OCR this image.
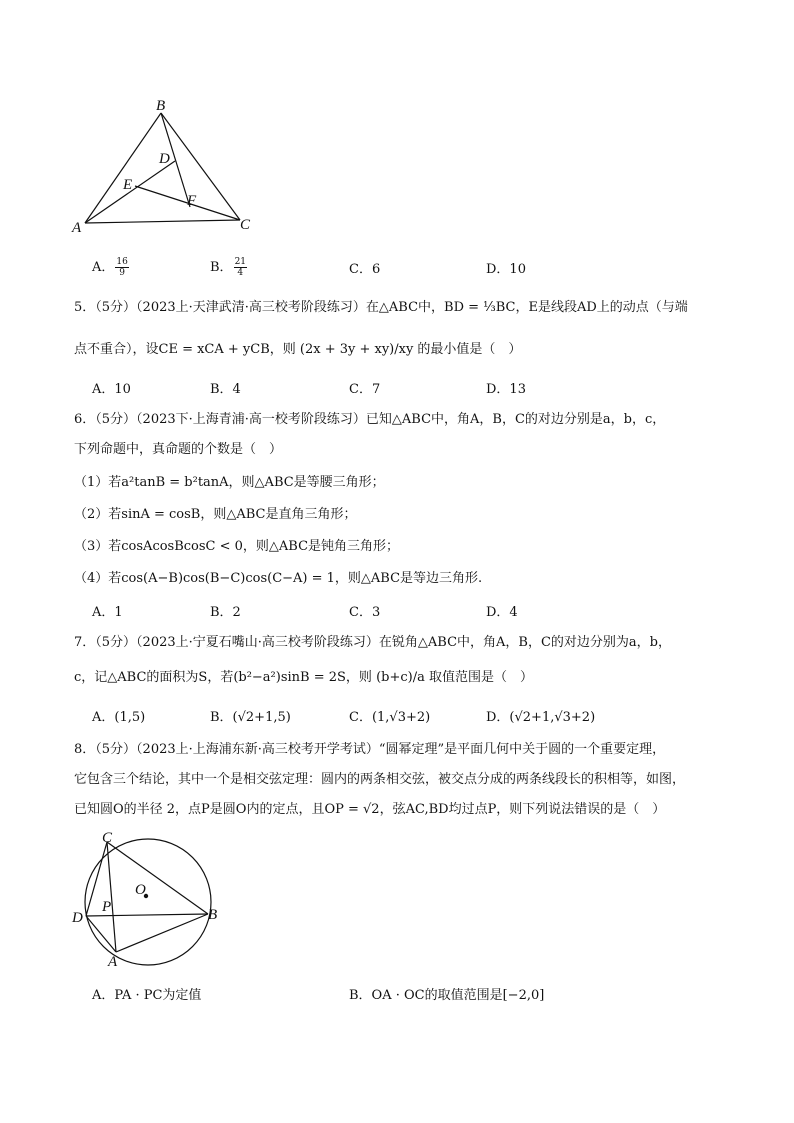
B
D
E
F
A	C
A． $\frac{16}{9}$	B． $\frac{21}{4}$	C．6	D．10
5．（5分）（2023上·天津武清·高三校考阶段练习）在△ABC中，BD = ⅓BC，E是线段AD上的动点（与端
点不重合），设CE = xCA + yCB，则 (2x + 3y + xy)/xy 的最小值是（　）
A．10	B．4	C．7	D．13
6．（5分）（2023下·上海青浦·高一校考阶段练习）已知△ABC中，角A，B，C的对边分别是a，b，c，
下列命题中，真命题的个数是（　）
（1）若a²tanB = b²tanA，则△ABC是等腰三角形；
（2）若sinA = cosB，则△ABC是直角三角形；
（3）若cosAcosBcosC < 0，则△ABC是钝角三角形；
（4）若cos(A−B)cos(B−C)cos(C−A) = 1，则△ABC是等边三角形.
A．1	B．2	C．3	D．4
7．（5分）（2023上·宁夏石嘴山·高三校考阶段练习）在锐角△ABC中，角A，B，C的对边分别为a，b，
c，记△ABC的面积为S，若(b²−a²)sinB = 2S，则 (b+c)/a 取值范围是（　）
A．(1,5)	B．(√2+1,5)	C．(1,√3+2)	D．(√2+1,√3+2)
8．（5分）（2023上·上海浦东新·高三校考开学考试）“圆幂定理”是平面几何中关于圆的一个重要定理，
它包含三个结论，其中一个是相交弦定理：圆内的两条相交弦，被交点分成的两条线段长的积相等，如图，
已知圆O的半径 2，点P是圆O内的定点，且OP = √2，弦AC,BD均过点P，则下列说法错误的是（　）
C
O
D
P	B
A
A．PA · PC为定值	B．OA · OC的取值范围是[−2,0]
